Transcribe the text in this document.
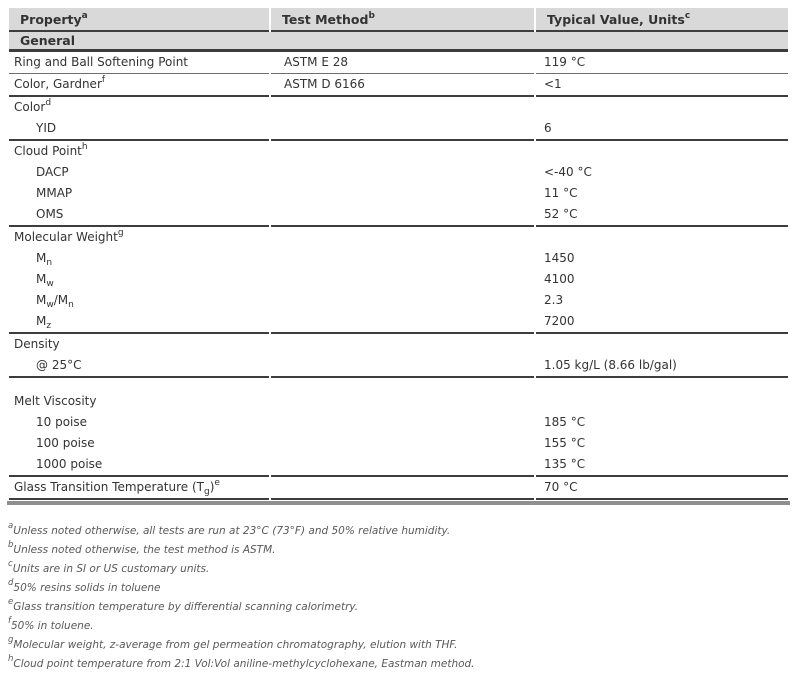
Property$^a$	Test Method$^b$	Typical Value, Units$^c$
General		
Ring and Ball Softening Point	ASTM E 28	119 °C
Color, Gardner$^f$	ASTM D 6166	<1
Color$^d$		
YID		6
Cloud Point$^h$		
DACP		<-40 °C
MMAP		11 °C
OMS		52 °C
Molecular Weight$^g$		
$M_n$		1450
$M_w$		4100
$M_w/M_n$		2.3
$M_z$		7200
Density		
@ 25°C		1.05 kg/L (8.66 lb/gal)

Melt Viscosity		
10 poise		185 °C
100 poise		155 °C
1000 poise		135 °C
Glass Transition Temperature $(T_g)^e$		70 °C
$^a$Unless noted otherwise, all tests are run at 23°C (73°F) and 50% relative humidity.
$^b$Unless noted otherwise, the test method is ASTM.
$^c$Units are in SI or US customary units.
$^d$50% resins solids in toluene
$^e$Glass transition temperature by differential scanning calorimetry.
$^f$50% in toluene.
$^g$Molecular weight, z-average from gel permeation chromatography, elution with THF.
$^h$Cloud point temperature from 2:1 Vol:Vol aniline-methylcyclohexane, Eastman method.
